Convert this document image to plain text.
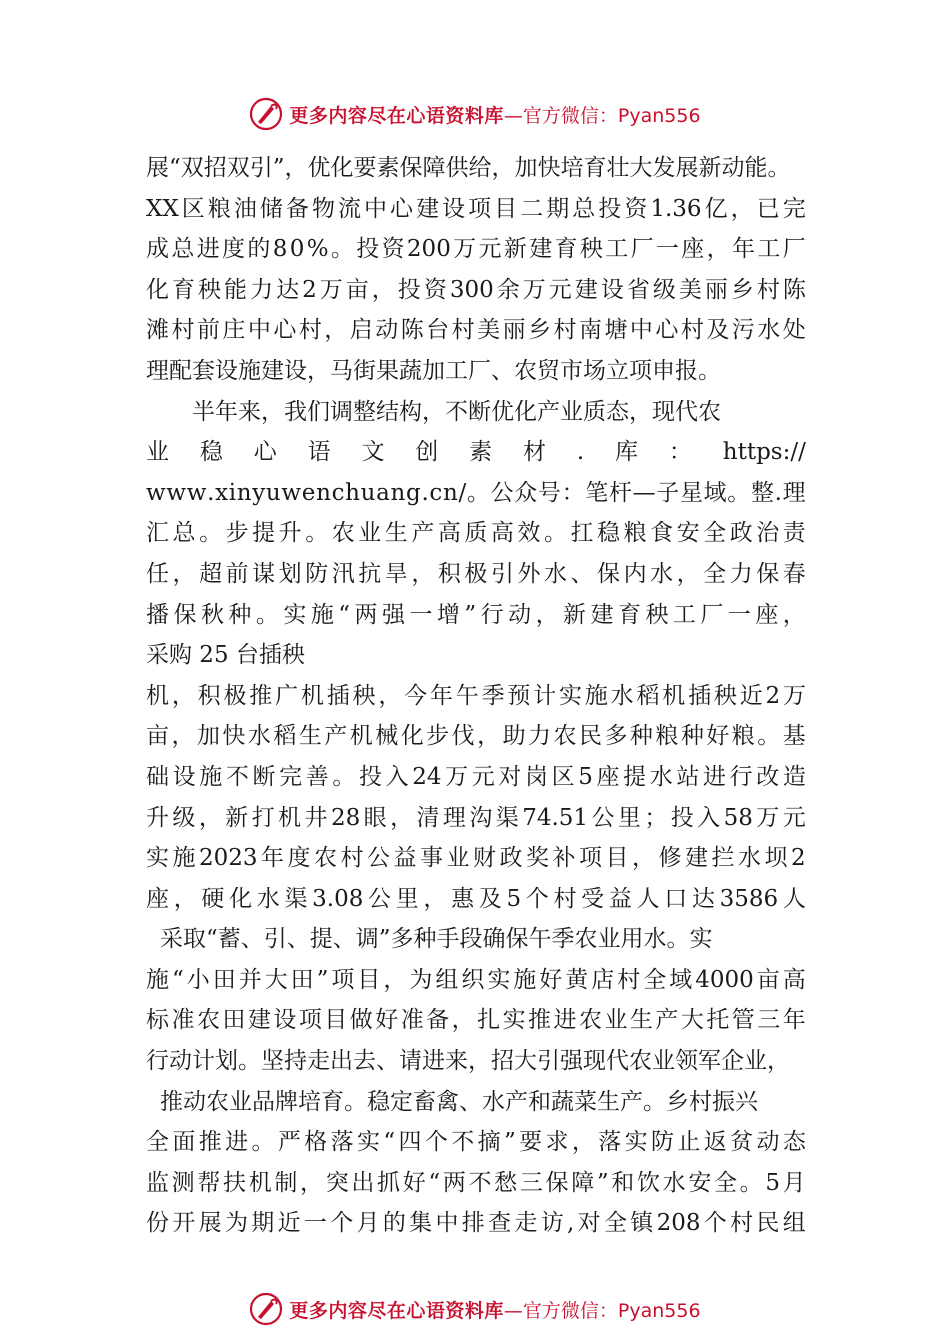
更多内容尽在心语资料库 —官方微信：Pyan556
展“双招双引”，优化要素保障供给，加快培育壮大发展新动能。
XX 区 粮 油 储 备 物 流 中 心 建 设 项 目 二 期 总 投 资 1.36 亿 ， 已 完
成 总 进 度 的 8 0 % 。 投 资 200 万 元 新 建 育 秧 工 厂 一 座 ， 年 工 厂
化 育 秧 能 力 达 2 万 亩 ， 投 资 300 余 万 元 建 设 省 级 美 丽 乡 村 陈
滩 村 前 庄 中 心 村 ， 启 动 陈 台 村 美 丽 乡 村 南 塘 中 心 村 及 污 水 处
理配套设施建设，马街果蔬加工厂、农贸市场立项申报。
半年来，我们调整结构，不断优化产业质态，现代农
业 稳 心 语 文 创 素 材 . 库 ： https://
w w w . x i n y u w e n c h u a n g . c n / 。 公 众 号 ： 笔 杆 — 子 星 域 。 整 . 理
汇 总 。 步 提 升 。 农 业 生 产 高 质 高 效 。 扛 稳 粮 食 安 全 政 治 责
任 ， 超 前 谋 划 防 汛 抗 旱 ， 积 极 引 外 水 、 保 内 水 ， 全 力 保 春
播 保 秋 种 。 实 施 “ 两 强 一 增 ” 行 动 ， 新 建 育 秧 工 厂 一 座 ，
采购 25 台插秧
机 ， 积 极 推 广 机 插 秧 ， 今 年 午 季 预 计 实 施 水 稻 机 插 秧 近 2 万
亩 ， 加 快 水 稻 生 产 机 械 化 步 伐 ， 助 力 农 民 多 种 粮 种 好 粮 。 基
础 设 施 不 断 完 善 。 投 入 24 万 元 对 岗 区 5 座 提 水 站 进 行 改 造
升 级 ， 新 打 机 井 28 眼 ， 清 理 沟 渠 74.51 公 里 ； 投 入 58 万 元
实 施 2023 年 度 农 村 公 益 事 业 财 政 奖 补 项 目 ， 修 建 拦 水 坝 2
座 ， 硬 化 水 渠 3.08 公 里 ， 惠 及 5 个 村 受 益 人 口 达 3586 人
采取“蓄、引、提、调”多种手段确保午季农业用水。实
施 “ 小 田 并 大 田 ” 项 目 ， 为 组 织 实 施 好 黄 店 村 全 域 4000 亩 高
标 准 农 田 建 设 项 目 做 好 准 备 ， 扎 实 推 进 农 业 生 产 大 托 管 三 年
行动计划。坚持走出去、请进来，招大引强现代农业领军企业，
推动农业品牌培育。稳定畜禽、水产和蔬菜生产。乡村振兴
全 面 推 进 。 严 格 落 实 “ 四 个 不 摘 ” 要 求 ， 落 实 防 止 返 贫 动 态
监 测 帮 扶 机 制 ， 突 出 抓 好 “ 两 不 愁 三 保 障 ” 和 饮 水 安 全 。 5 月
份 开 展 为 期 近 一 个 月 的 集 中 排 查 走 访 , 对 全 镇 208 个 村 民 组
更多内容尽在心语资料库 —官方微信：Pyan556
